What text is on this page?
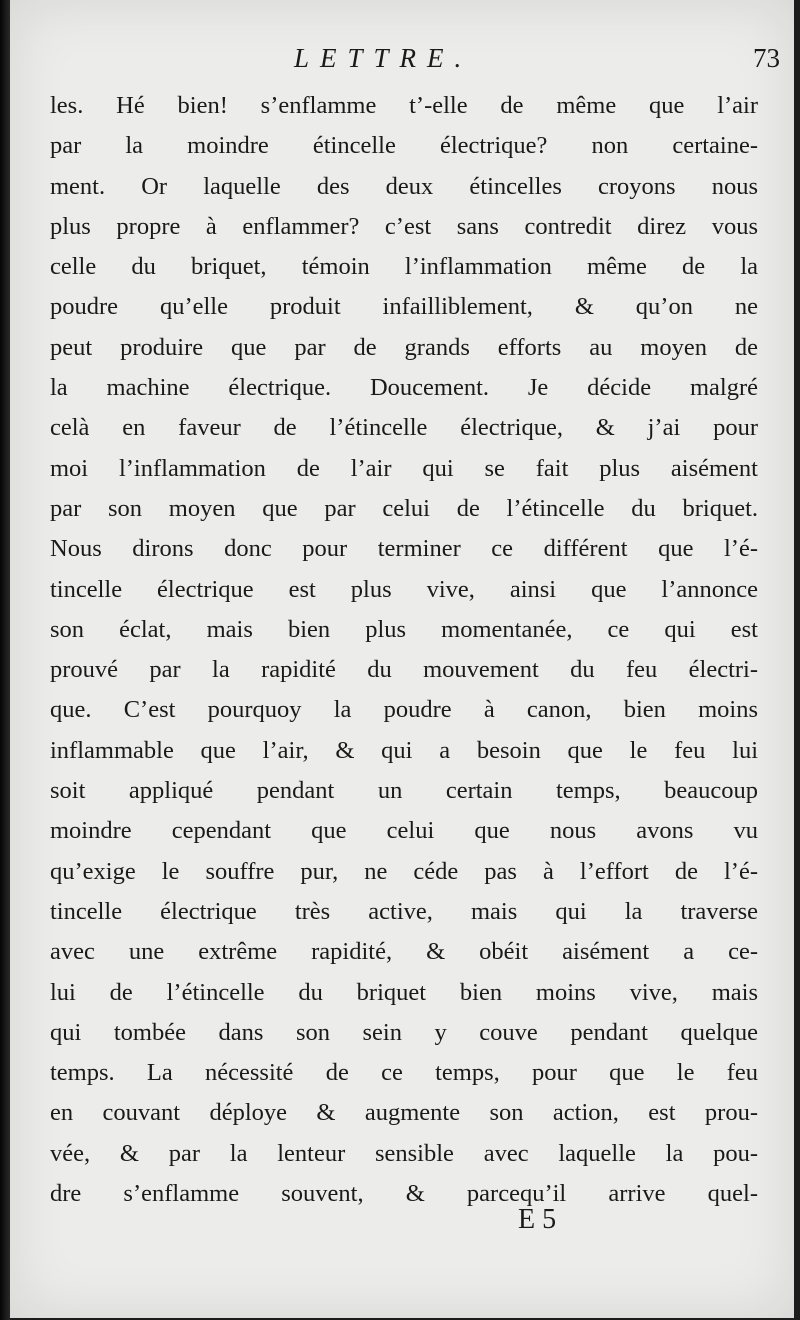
LETTRE.	73
les. Hé bien! s’enflamme t’-elle de même que l’air
par la moindre étincelle électrique? non certaine-
ment. Or laquelle des deux étincelles croyons nous
plus propre à enflammer? c’est sans contredit direz vous
celle du briquet, témoin l’inflammation même de la
poudre qu’elle produit infailliblement, & qu’on ne
peut produire que par de grands efforts au moyen de
la machine électrique. Doucement. Je décide malgré
celà en faveur de l’étincelle électrique, & j’ai pour
moi l’inflammation de l’air qui se fait plus aisément
par son moyen que par celui de l’étincelle du briquet.
Nous dirons donc pour terminer ce différent que l’é-
tincelle électrique est plus vive, ainsi que l’annonce
son éclat, mais bien plus momentanée, ce qui est
prouvé par la rapidité du mouvement du feu électri-
que. C’est pourquoy la poudre à canon, bien moins
inflammable que l’air, & qui a besoin que le feu lui
soit appliqué pendant un certain temps, beaucoup
moindre cependant que celui que nous avons vu
qu’exige le souffre pur, ne céde pas à l’effort de l’é-
tincelle électrique très active, mais qui la traverse
avec une extrême rapidité, & obéit aisément a ce-
lui de l’étincelle du briquet bien moins vive, mais
qui tombée dans son sein y couve pendant quelque
temps. La nécessité de ce temps, pour que le feu
en couvant déploye & augmente son action, est prou-
vée, & par la lenteur sensible avec laquelle la pou-
dre s’enflamme souvent, & parcequ’il arrive quel-
E 5
